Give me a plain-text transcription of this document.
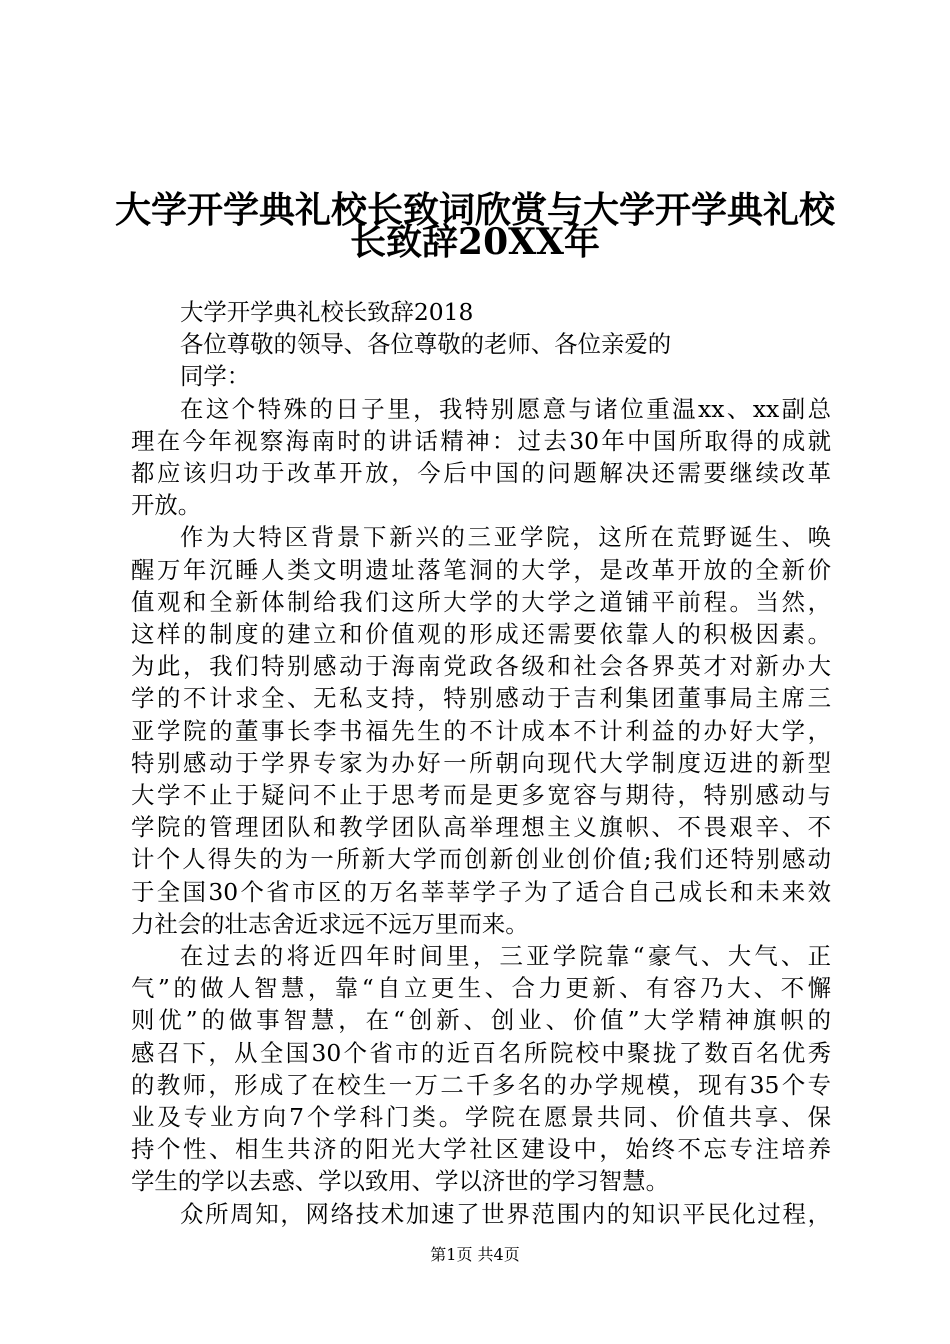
大学开学典礼校长致词欣赏与大学开学典礼校
长致辞20XX年
大学开学典礼校长致辞2018
各位尊敬的领导、各位尊敬的老师、各位亲爱的
同学：
在这个特殊的日子里，我特别愿意与诸位重温xx、xx副总
理在今年视察海南时的讲话精神：过去30年中国所取得的成就
都应该归功于改革开放，今后中国的问题解决还需要继续改革
开放。
作为大特区背景下新兴的三亚学院，这所在荒野诞生、唤
醒万年沉睡人类文明遗址落笔洞的大学，是改革开放的全新价
值观和全新体制给我们这所大学的大学之道铺平前程。当然，
这样的制度的建立和价值观的形成还需要依靠人的积极因素。
为此，我们特别感动于海南党政各级和社会各界英才对新办大
学的不计求全、无私支持，特别感动于吉利集团董事局主席三
亚学院的董事长李书福先生的不计成本不计利益的办好大学，
特别感动于学界专家为办好一所朝向现代大学制度迈进的新型
大学不止于疑问不止于思考而是更多宽容与期待，特别感动与
学院的管理团队和教学团队高举理想主义旗帜、不畏艰辛、不
计个人得失的为一所新大学而创新创业创价值;我们还特别感动
于全国30个省市区的万名莘莘学子为了适合自己成长和未来效
力社会的壮志舍近求远不远万里而来。
在过去的将近四年时间里，三亚学院靠“豪气、大气、正
气”的做人智慧，靠“自立更生、合力更新、有容乃大、不懈
则优”的做事智慧，在“创新、创业、价值”大学精神旗帜的
感召下，从全国30个省市的近百名所院校中聚拢了数百名优秀
的教师，形成了在校生一万二千多名的办学规模，现有35个专
业及专业方向7个学科门类。学院在愿景共同、价值共享、保
持个性、相生共济的阳光大学社区建设中，始终不忘专注培养
学生的学以去惑、学以致用、学以济世的学习智慧。
众所周知，网络技术加速了世界范围内的知识平民化过程，
第1页 共4页
